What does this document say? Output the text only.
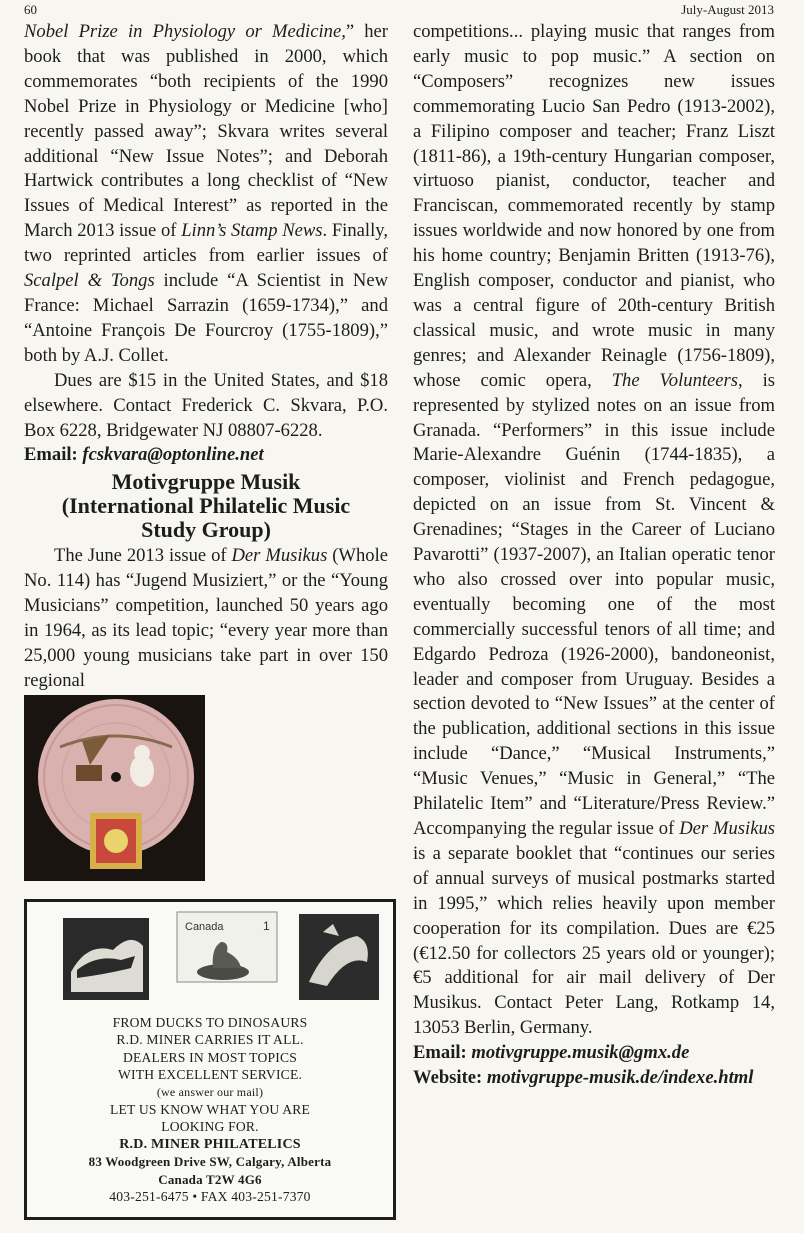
60	July-August 2013

Nobel Prize in Physiology or Medicine,” her book that was published in 2000, which commemorates “both recipients of the 1990 Nobel Prize in Physiology or Medicine [who] recently passed away”; Skvara writes several additional “New Issue Notes”; and Deborah Hartwick contributes a long checklist of “New Issues of Medical Interest” as reported in the March 2013 issue of Linn’s Stamp News. Finally, two reprinted articles from earlier issues of Scalpel & Tongs include “A Scientist in New France: Michael Sarrazin (1659-1734),” and “Antoine François De Fourcroy (1755-1809),” both by A.J. Collet.

Dues are $15 in the United States, and $18 elsewhere. Contact Frederick C. Skvara, P.O. Box 6228, Bridgewater NJ 08807-6228.

Email: fcskvara@optonline.net

Motivgruppe Musik
(International Philatelic Music
Study Group)

The June 2013 issue of Der Musikus (Whole No. 114) has “Jugend Musiziert,” or the “Young Musicians” competition, launched 50 years ago in 1964, as its lead topic; “every year more than 25,000 young musicians take part in over 150 regional

Canada	1
FROM DUCKS TO DINOSAURS
R.D. MINER CARRIES IT ALL.
DEALERS IN MOST TOPICS
WITH EXCELLENT SERVICE.
(we answer our mail)
LET US KNOW WHAT YOU ARE
LOOKING FOR.
R.D. MINER PHILATELICS
83 Woodgreen Drive SW, Calgary, Alberta
Canada T2W 4G6
403-251-6475 • FAX 403-251-7370

competitions... playing music that ranges from early music to pop music.” A section on “Composers” recognizes new issues commemorating Lucio San Pedro (1913-2002), a Filipino composer and teacher; Franz Liszt (1811-86), a 19th-century Hungarian composer, virtuoso pianist, conductor, teacher and Franciscan, commemorated recently by stamp issues worldwide and now honored by one from his home country; Benjamin Britten (1913-76), English composer, conductor and pianist, who was a central figure of 20th-century British classical music, and wrote music in many genres; and Alexander Reinagle (1756-1809), whose comic opera, The Volunteers, is represented by stylized notes on an issue from Granada. “Performers” in this issue include Marie-Alexandre Guénin (1744-1835), a composer, violinist and French pedagogue, depicted on an issue from St. Vincent & Grenadines; “Stages in the Career of Luciano Pavarotti” (1937-2007), an Italian operatic tenor who also crossed over into popular music, eventually becoming one of the most commercially successful tenors of all time; and Edgardo Pedroza (1926-2000), bandoneonist, leader and composer from Uruguay. Besides a section devoted to “New Issues” at the center of the publication, additional sections in this issue include “Dance,” “Musical Instruments,” “Music Venues,” “Music in General,” “The Philatelic Item” and “Literature/Press Review.” Accompanying the regular issue of Der Musikus is a separate booklet that “continues our series of annual surveys of musical postmarks started in 1995,” which relies heavily upon member cooperation for its compilation. Dues are €25 (€12.50 for collectors 25 years old or younger); €5 additional for air mail delivery of Der Musikus. Contact Peter Lang, Rotkamp 14, 13053 Berlin, Germany.

Email: motivgruppe.musik@gmx.de

Website: motivgruppe-musik.de/indexe.html
